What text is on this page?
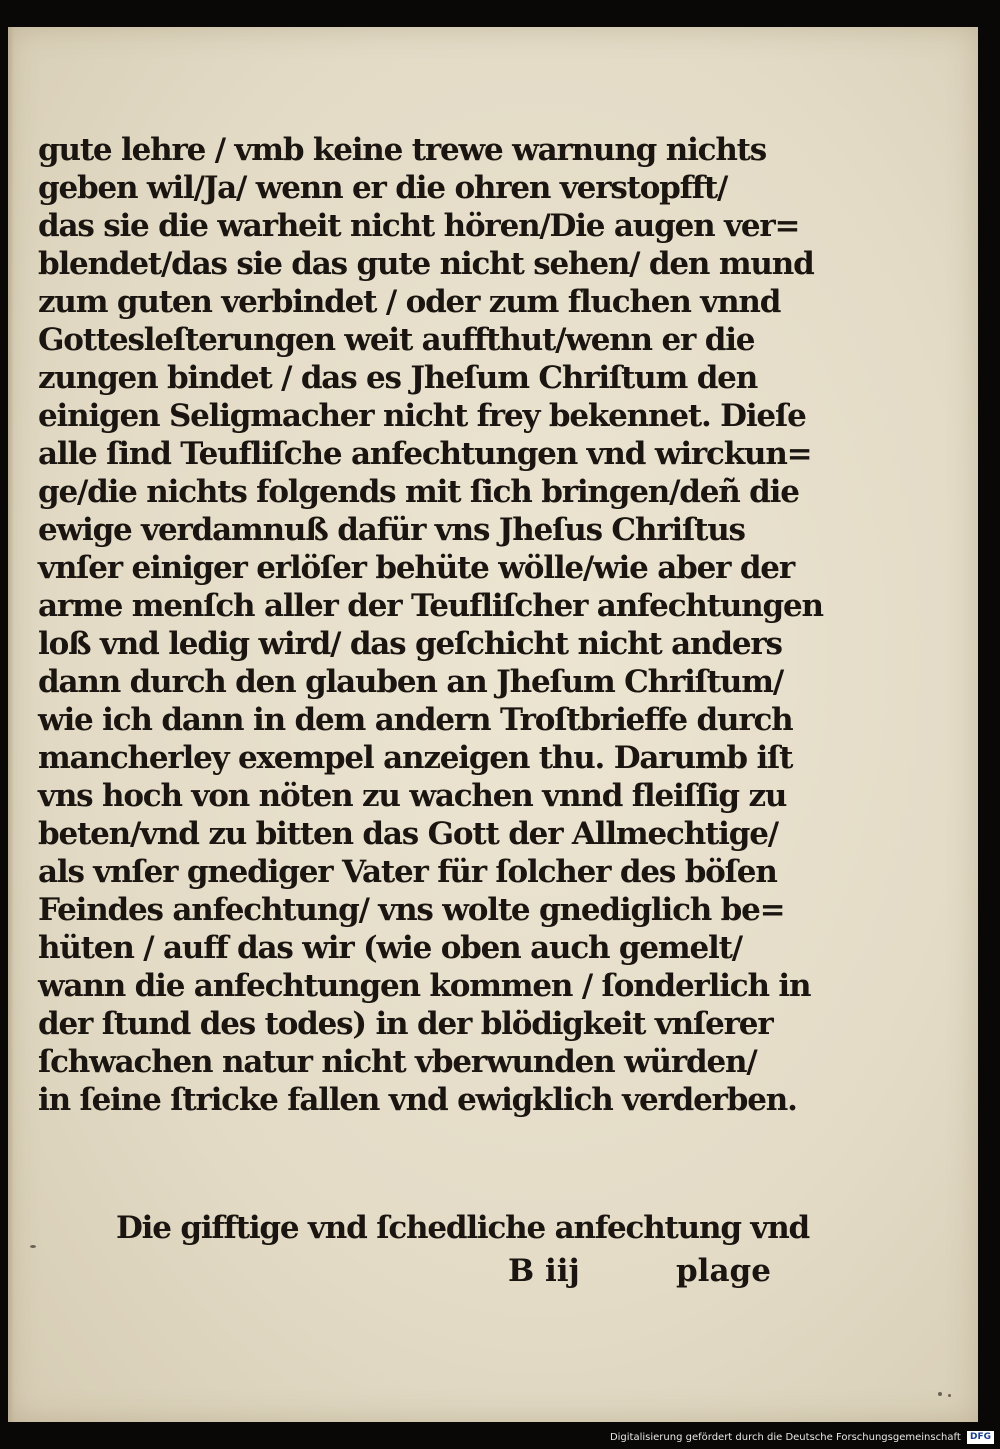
gute lehre / vmb keine trewe warnung nichts
geben wil/Ja/ wenn er die ohren verstopfft/
das sie die warheit nicht hören/Die augen ver=
blendet/das sie das gute nicht sehen/ den mund
zum guten verbindet / oder zum fluchen vnnd
Gottesleſterungen weit auffthut/wenn er die
zungen bindet / das es Jheſum Chriſtum den
einigen Seligmacher nicht frey bekennet. Dieſe
alle ſind Teufliſche anfechtungen vnd wirckun=
ge/die nichts folgends mit ſich bringen/deñ die
ewige verdamnuß dafür vns Jheſus Chriſtus
vnſer einiger erlöſer behüte wölle/wie aber der
arme menſch aller der Teufliſcher anfechtungen
loß vnd ledig wird/ das geſchicht nicht anders
dann durch den glauben an Jheſum Chriſtum/
wie ich dann in dem andern Troſtbrieffe durch
mancherley exempel anzeigen thu. Darumb iſt
vns hoch von nöten zu wachen vnnd fleiſſig zu
beten/vnd zu bitten das Gott der Allmechtige/
als vnſer gnediger Vater für ſolcher des böſen
Feindes anfechtung/ vns wolte gnediglich be=
hüten / auff das wir (wie oben auch gemelt/
wann die anfechtungen kommen / ſonderlich in
der ſtund des todes) in der blödigkeit vnſerer
ſchwachen natur nicht vberwunden würden/
in ſeine ſtricke fallen vnd ewigklich verderben.
Die gifftige vnd ſchedliche anfechtung vnd
B iij	plage
Digitalisierung gefördert durch die Deutsche Forschungsgemeinschaft DFG
